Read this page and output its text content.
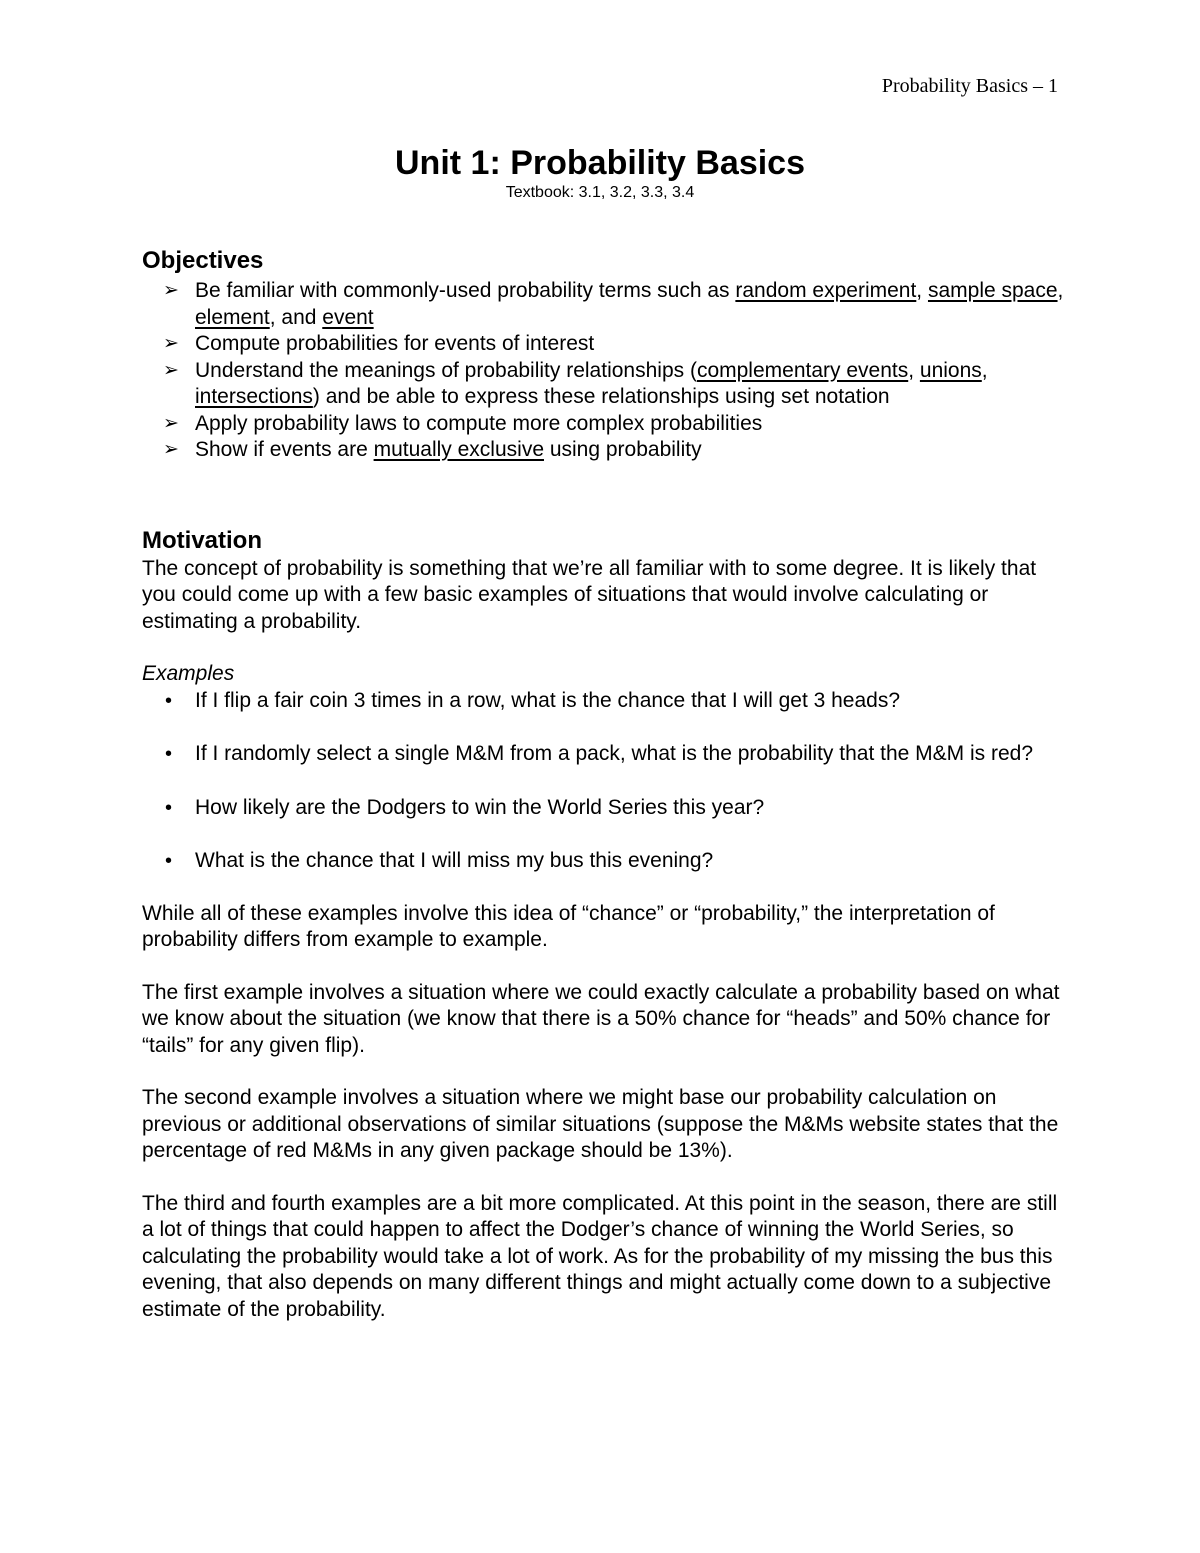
Probability Basics – 1
Unit 1: Probability Basics

Textbook: 3.1, 3.2, 3.3, 3.4

Objectives
➢ Be familiar with commonly-used probability terms such as random experiment, sample space, element, and event
➢ Compute probabilities for events of interest
➢ Understand the meanings of probability relationships (complementary events, unions, intersections) and be able to express these relationships using set notation
➢ Apply probability laws to compute more complex probabilities
➢ Show if events are mutually exclusive using probability
Motivation

The concept of probability is something that we’re all familiar with to some degree. It is likely that you could come up with a few basic examples of situations that would involve calculating or estimating a probability.

Examples

• If I flip a fair coin 3 times in a row, what is the chance that I will get 3 heads?
• If I randomly select a single M&M from a pack, what is the probability that the M&M is red?
• How likely are the Dodgers to win the World Series this year?
• What is the chance that I will miss my bus this evening?

While all of these examples involve this idea of “chance” or “probability,” the interpretation of probability differs from example to example.

The first example involves a situation where we could exactly calculate a probability based on what we know about the situation (we know that there is a 50% chance for “heads” and 50% chance for “tails” for any given flip).

The second example involves a situation where we might base our probability calculation on previous or additional observations of similar situations (suppose the M&Ms website states that the percentage of red M&Ms in any given package should be 13%).

The third and fourth examples are a bit more complicated. At this point in the season, there are still a lot of things that could happen to affect the Dodger’s chance of winning the World Series, so calculating the probability would take a lot of work. As for the probability of my missing the bus this evening, that also depends on many different things and might actually come down to a subjective estimate of the probability.
